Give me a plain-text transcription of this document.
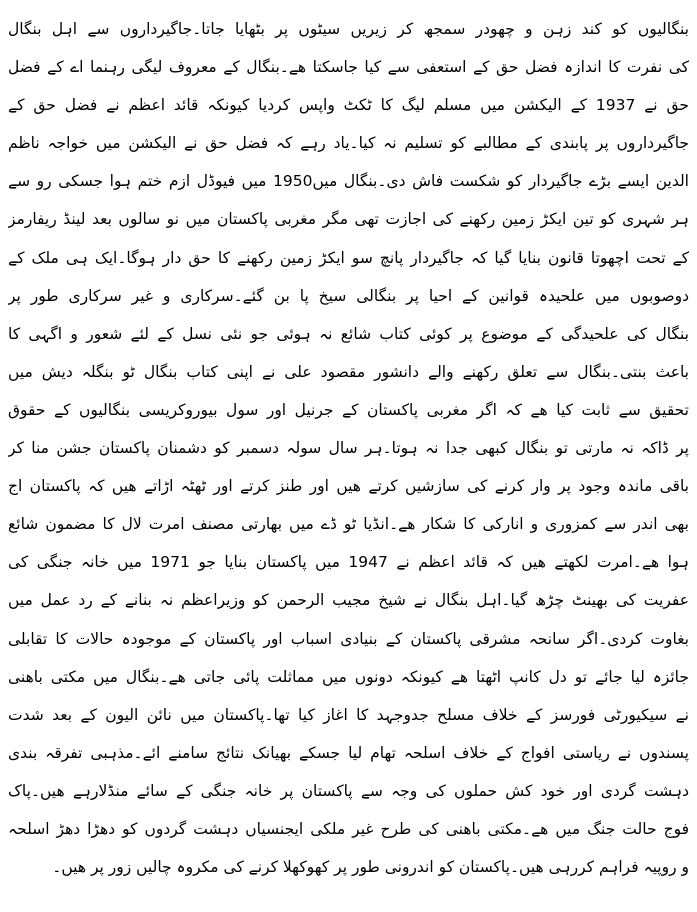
بنگالیوں کو کند زہن و چھودر سمجھ کر زیریں سیٹوں پر بٹھایا جاتا۔جاگیرداروں سے اہل بنگال
کی نفرت کا اندازہ فضل حق کے استعفی سے کیا جاسکتا ھے۔بنگال کے معروف لیگی رہنما اے کے فضل
حق نے 1937 کے الیکشن میں مسلم لیگ کا ٹکٹ واپس کردیا کیونکہ قائد اعظم نے فضل حق کے
جاگیرداروں پر پابندی کے مطالبے کو تسلیم نہ کیا۔یاد رہے کہ فضل حق نے الیکشن میں خواجہ ناظم
الدین ایسے بڑے جاگیردار کو شکست فاش دی۔بنگال میں1950 میں فیوڈل ازم ختم ہوا جسکی رو سے
ہر شہری کو تین ایکڑ زمین رکھنے کی اجازت تھی مگر مغربی پاکستان میں نو سالوں بعد لینڈ ریفارمز
کے تحت اچھوتا قانون بنایا گیا کہ جاگیردار پانچ سو ایکڑ زمین رکھنے کا حق دار ہوگا۔ایک ہی ملک کے
دوصوبوں میں علحیدہ قوانین کے احیا پر بنگالی سیخ پا بن گئے۔سرکاری و غیر سرکاری طور پر
بنگال کی علحیدگی کے موضوع پر کوئی کتاب شائع نہ ہوئی جو نئی نسل کے لئے شعور و اگہی کا
باعث بنتی۔بنگال سے تعلق رکھنے والے دانشور مقصود علی نے اپنی کتاب بنگال ٹو بنگلہ دیش میں
تحقیق سے ثابت کیا ھے کہ اگر مغربی پاکستان کے جرنیل اور سول بیوروکریسی بنگالیوں کے حقوق
پر ڈاکہ نہ مارتی تو بنگال کبھی جدا نہ ہوتا۔ہر سال سولہ دسمبر کو دشمنان پاکستان جشن منا کر
باقی ماندہ وجود پر وار کرنے کی سازشیں کرتے ھیں اور طنز کرتے اور ٹھٹہ اڑاتے ھیں کہ پاکستان اج
بھی اندر سے کمزوری و انارکی کا شکار ھے۔انڈیا ٹو ڈے میں بھارتی مصنف امرت لال کا مضمون شائع
ہوا ھے۔امرت لکھتے ھیں کہ قائد اعظم نے 1947 میں پاکستان بنایا جو 1971 میں خانہ جنگی کی
عفریت کی بھینٹ چڑھ گیا۔اہل بنگال نے شیخ مجیب الرحمن کو وزیراعظم نہ بنانے کے رد عمل میں
بغاوت کردی۔اگر سانحہ مشرقی پاکستان کے بنیادی اسباب اور پاکستان کے موجودہ حالات کا تقابلی
جائزہ لیا جائے تو دل کانپ اٹھتا ھے کیونکہ دونوں میں مماثلت پائی جاتی ھے۔بنگال میں مکتی باھنی
نے سیکیورٹی فورسز کے خلاف مسلح جدوجہد کا اغاز کیا تھا۔پاکستان میں نائن الیون کے بعد شدت
پسندوں نے ریاستی افواج کے خلاف اسلحہ تھام لیا جسکے بھیانک نتائج سامنے ائے۔مذہبی تفرقہ بندی
دہشت گردی اور خود کش حملوں کی وجہ سے پاکستان پر خانہ جنگی کے سائے منڈلارہے ھیں۔پاک
فوج حالت جنگ میں ھے۔مکتی باھنی کی طرح غیر ملکی ایجنسیاں دہشت گردوں کو دھڑا دھڑ اسلحہ
و روپیہ فراہم کررہی ھیں۔پاکستان کو اندرونی طور پر کھوکھلا کرنے کی مکروہ چالیں زور پر ھیں۔
